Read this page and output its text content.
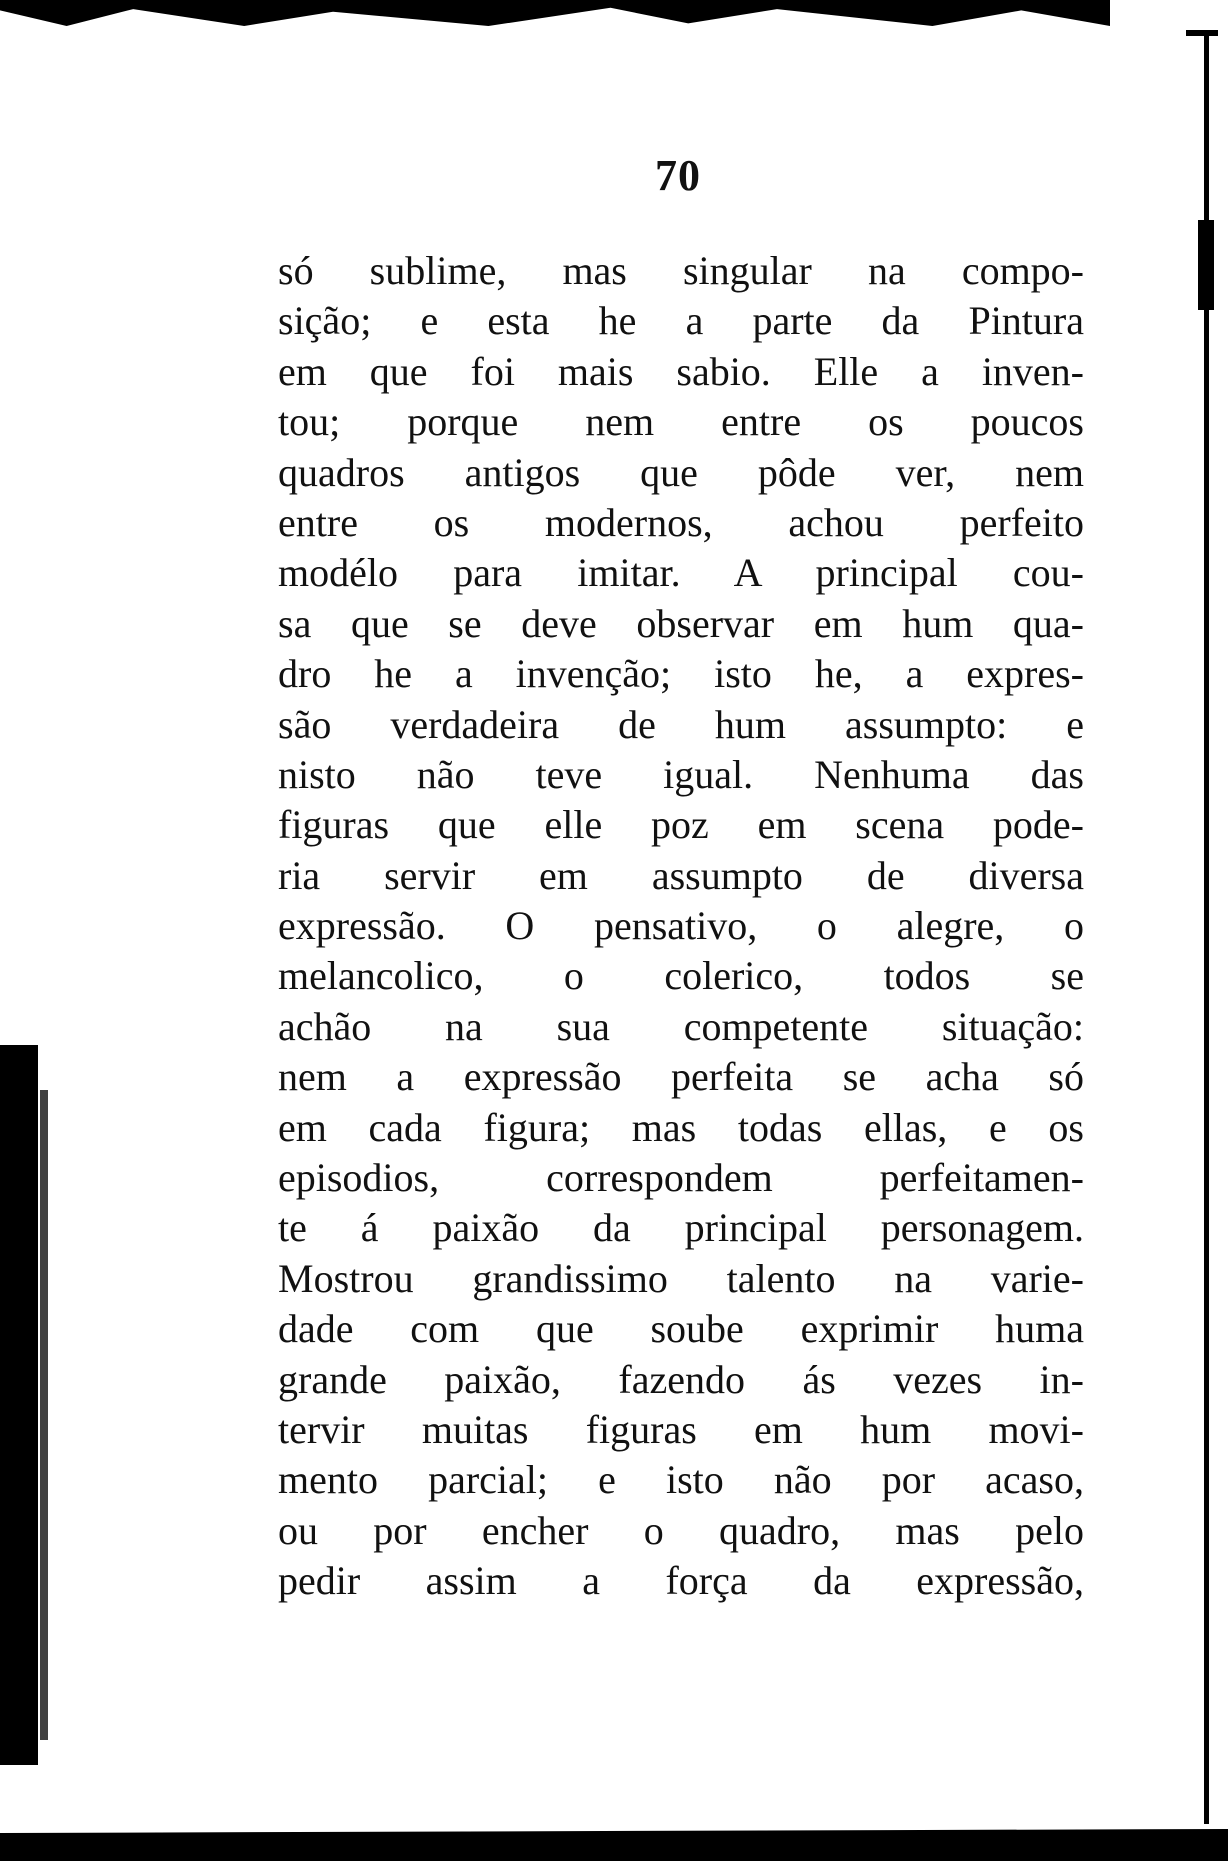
70
só sublime, mas singular na compo-
sição; e esta he a parte da Pintura
em que foi mais sabio. Elle a inven-
tou; porque nem entre os poucos
quadros antigos que pôde ver, nem
entre os modernos, achou perfeito
modélo para imitar. A principal cou-
sa que se deve observar em hum qua-
dro he a invenção; isto he, a expres-
são verdadeira de hum assumpto: e
nisto não teve igual. Nenhuma das
figuras que elle poz em scena pode-
ria servir em assumpto de diversa
expressão. O pensativo, o alegre, o
melancolico, o colerico, todos se
achão na sua competente situação:
nem a expressão perfeita se acha só
em cada figura; mas todas ellas, e os
episodios, correspondem perfeitamen-
te á paixão da principal personagem.
Mostrou grandissimo talento na varie-
dade com que soube exprimir huma
grande paixão, fazendo ás vezes in-
tervir muitas figuras em hum movi-
mento parcial; e isto não por acaso,
ou por encher o quadro, mas pelo
pedir assim a força da expressão,
